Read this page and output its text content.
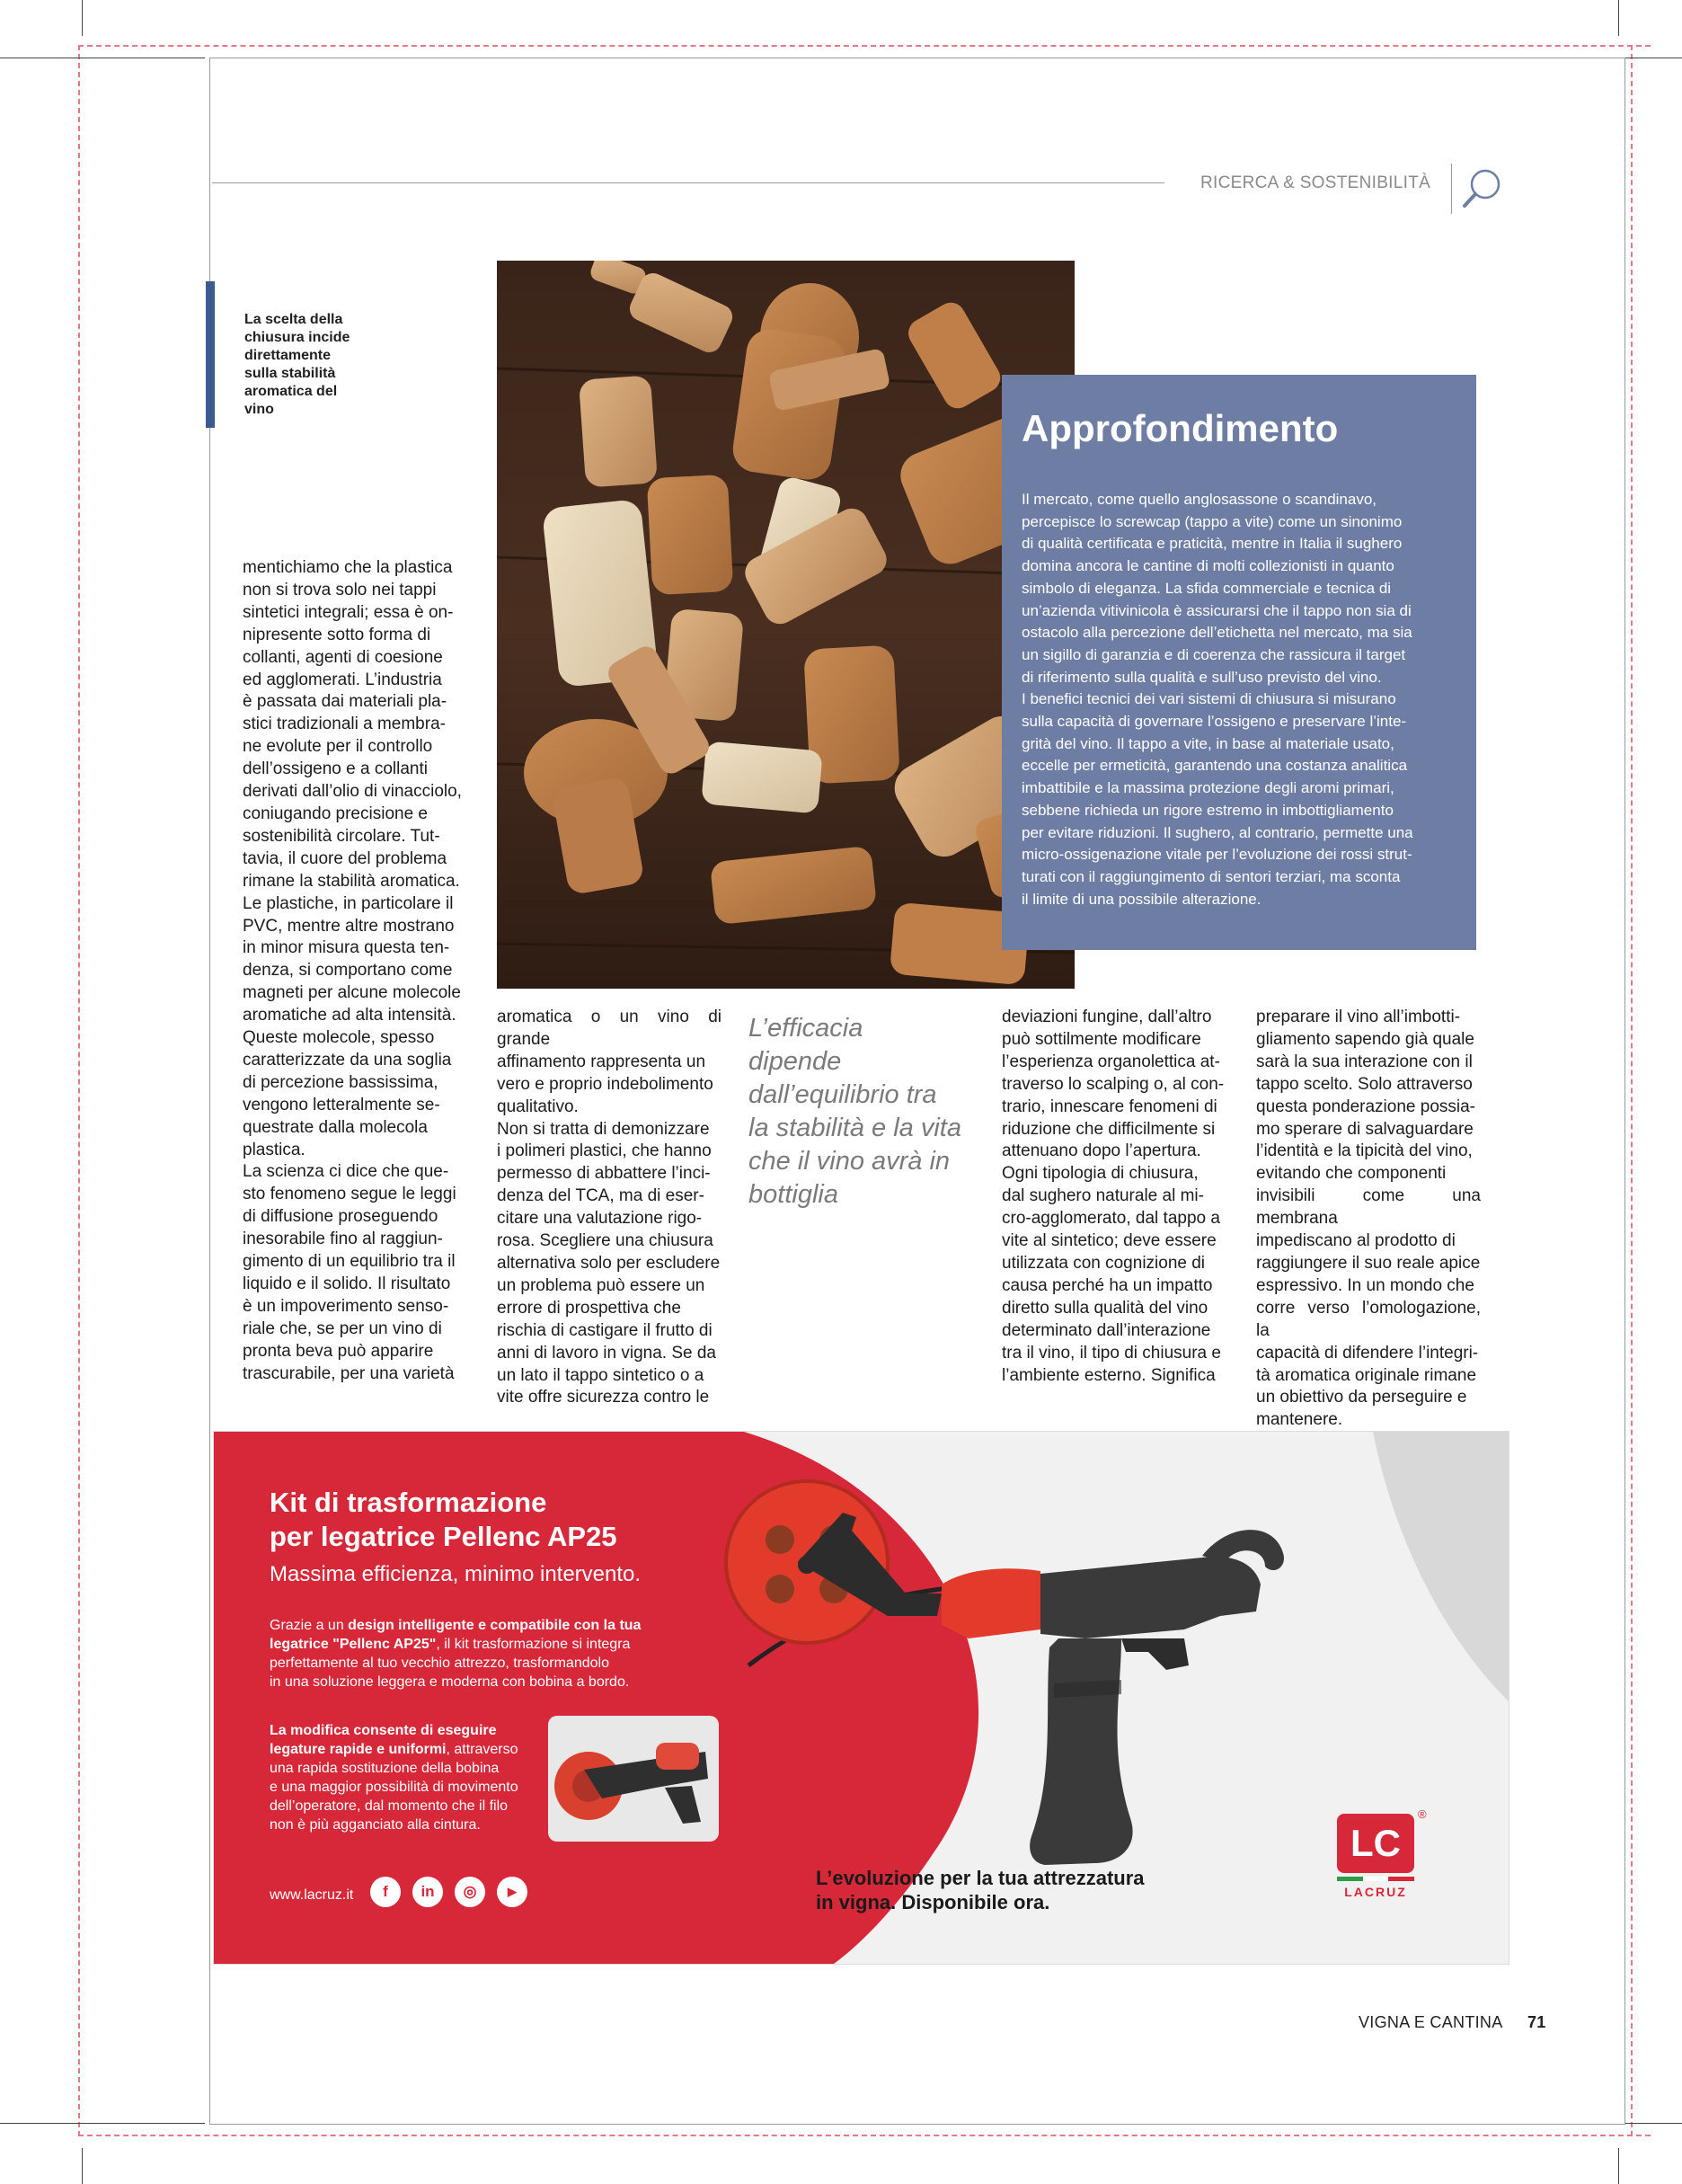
RICERCA & SOSTENIBILITÀ
La scelta della
chiusura incide
direttamente
sulla stabilità
aromatica del
vino	Approfondimento
Il mercato, come quello anglosassone o scandinavo,
percepisce lo screwcap (tappo a vite) come un sinonimo
di qualità certificata e praticità, mentre in Italia il sughero
domina ancora le cantine di molti collezionisti in quanto
simbolo di eleganza. La sfida commerciale e tecnica di
un’azienda vitivinicola è assicurarsi che il tappo non sia di
ostacolo alla percezione dell’etichetta nel mercato, ma sia
un sigillo di garanzia e di coerenza che rassicura il target
di riferimento sulla qualità e sull’uso previsto del vino.
I benefici tecnici dei vari sistemi di chiusura si misurano
sulla capacità di governare l’ossigeno e preservare l’inte-
grità del vino. Il tappo a vite, in base al materiale usato,
eccelle per ermeticità, garantendo una costanza analitica
imbattibile e la massima protezione degli aromi primari,
sebbene richieda un rigore estremo in imbottigliamento
per evitare riduzioni. Il sughero, al contrario, permette una
micro-ossigenazione vitale per l’evoluzione dei rossi strut-
turati con il raggiungimento di sentori terziari, ma sconta
il limite di una possibile alterazione.
mentichiamo che la plastica
non si trova solo nei tappi
sintetici integrali; essa è on-
nipresente sotto forma di
collanti, agenti di coesione
ed agglomerati. L’industria
è passata dai materiali pla-
stici tradizionali a membra-
ne evolute per il controllo
dell’ossigeno e a collanti
derivati dall’olio di vinacciolo,
coniugando precisione e
sostenibilità circolare. Tut-
tavia, il cuore del problema
rimane la stabilità aromatica.
Le plastiche, in particolare il
PVC, mentre altre mostrano
in minor misura questa ten-
denza, si comportano come
magneti per alcune molecole
aromatiche ad alta intensità.
Queste molecole, spesso
caratterizzate da una soglia
di percezione bassissima,
vengono letteralmente se-
questrate dalla molecola
plastica.
La scienza ci dice che que-
sto fenomeno segue le leggi
di diffusione proseguendo
inesorabile fino al raggiun-
gimento di un equilibrio tra il
liquido e il solido. Il risultato
è un impoverimento senso-
riale che, se per un vino di
pronta beva può apparire
trascurabile, per una varietà
aromatica o un vino di grande
affinamento rappresenta un
vero e proprio indebolimento
qualitativo.
Non si tratta di demonizzare
i polimeri plastici, che hanno
permesso di abbattere l’inci-
denza del TCA, ma di eser-
citare una valutazione rigo-
rosa. Scegliere una chiusura
alternativa solo per escludere
un problema può essere un
errore di prospettiva che
rischia di castigare il frutto di
anni di lavoro in vigna. Se da
un lato il tappo sintetico o a
vite offre sicurezza contro le
deviazioni fungine, dall’altro
può sottilmente modificare
l’esperienza organolettica at-
traverso lo scalping o, al con-
trario, innescare fenomeni di
riduzione che difficilmente si
attenuano dopo l’apertura.
Ogni tipologia di chiusura,
dal sughero naturale al mi-
cro-agglomerato, dal tappo a
vite al sintetico; deve essere
utilizzata con cognizione di
causa perché ha un impatto
diretto sulla qualità del vino
determinato dall’interazione
tra il vino, il tipo di chiusura e
l’ambiente esterno. Significa
preparare il vino all’imbotti-
gliamento sapendo già quale
sarà la sua interazione con il
tappo scelto. Solo attraverso
questa ponderazione possia-
mo sperare di salvaguardare
l’identità e la tipicità del vino,
evitando che componenti
invisibili come una membrana
impediscano al prodotto di
raggiungere il suo reale apice
espressivo. In un mondo che
corre verso l’omologazione, la
capacità di difendere l’integri-
tà aromatica originale rimane
un obiettivo da perseguire e
mantenere.
L’efficacia
dipende
dall’equilibrio tra
la stabilità e la vita
che il vino avrà in
bottiglia
Kit di trasformazione
per legatrice Pellenc AP25
Massima efficienza, minimo intervento.
Grazie a un design intelligente e compatibile con la tua
legatrice "Pellenc AP25", il kit trasformazione si integra
perfettamente al tuo vecchio attrezzo, trasformandolo
in una soluzione leggera e moderna con bobina a bordo.
La modifica consente di eseguire
legature rapide e uniformi, attraverso
una rapida sostituzione della bobina
e una maggior possibilità di movimento
dell’operatore, dal momento che il filo
non è più agganciato alla cintura.
www.lacruz.it	f	in	◎	▶
L’evoluzione per la tua attrezzatura
in vigna. Disponibile ora.
LC
LACRUZ
®
VIGNA E CANTINA 71
